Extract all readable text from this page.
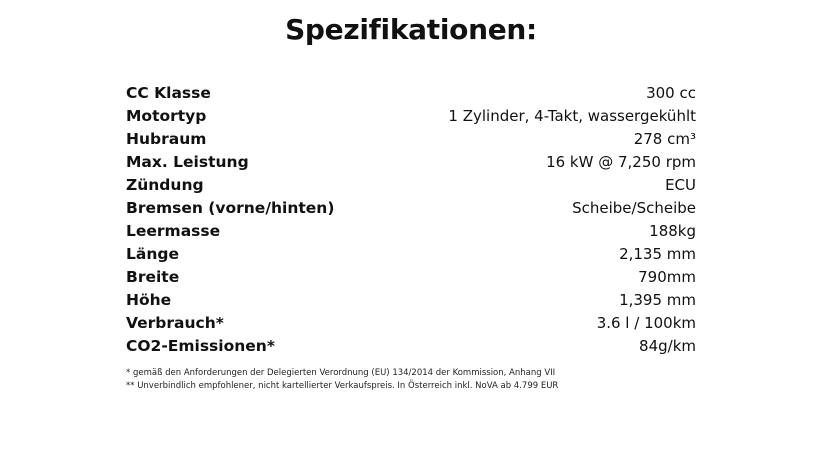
Spezifikationen:
CC Klasse	300 cc
Motortyp	1 Zylinder, 4-Takt, wassergekühlt
Hubraum	278 cm³
Max. Leistung	16 kW @ 7,250 rpm
Zündung	ECU
Bremsen (vorne/hinten)	Scheibe/Scheibe
Leermasse	188kg
Länge	2,135 mm
Breite	790mm
Höhe	1,395 mm
Verbrauch*	3.6 l / 100km
CO2-Emissionen*	84g/km
* gemäß den Anforderungen der Delegierten Verordnung (EU) 134/2014 der Kommission, Anhang VII
** Unverbindlich empfohlener, nicht kartellierter Verkaufspreis. In Österreich inkl. NoVA ab 4.799 EUR
